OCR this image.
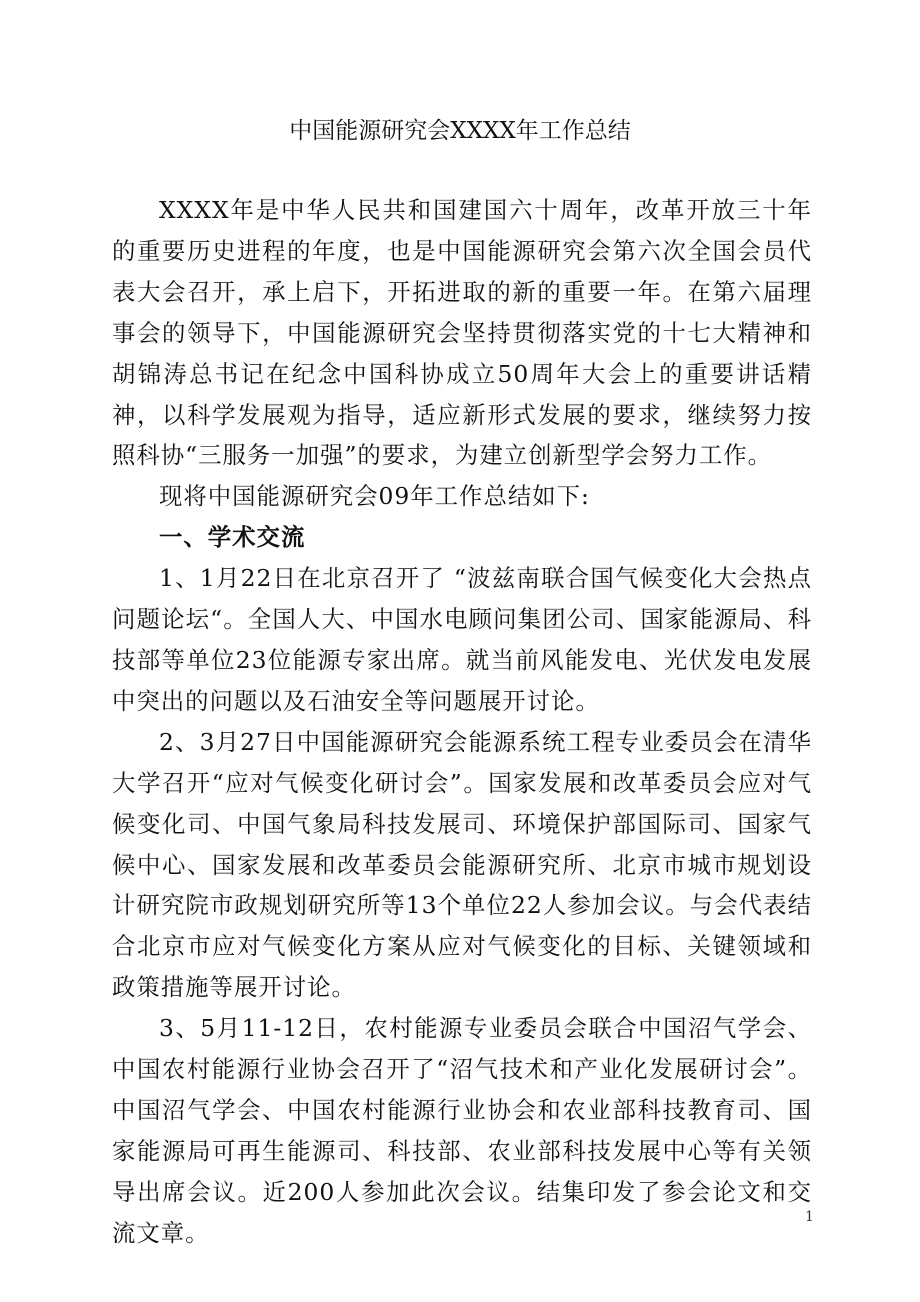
中国能源研究会XXXX年工作总结

XXXX年是中华人民共和国建国六十周年，改革开放三十年的重要历史进程的年度，也是中国能源研究会第六次全国会员代表大会召开，承上启下，开拓进取的新的重要一年。在第六届理事会的领导下，中国能源研究会坚持贯彻落实党的十七大精神和胡锦涛总书记在纪念中国科协成立50周年大会上的重要讲话精神，以科学发展观为指导，适应新形式发展的要求，继续努力按照科协“三服务一加强”的要求，为建立创新型学会努力工作。

现将中国能源研究会09年工作总结如下:

一、学术交流

1、1月22日在北京召开了 “波兹南联合国气候变化大会热点问题论坛“。全国人大、中国水电顾问集团公司、国家能源局、科技部等单位23位能源专家出席。就当前风能发电、光伏发电发展中突出的问题以及石油安全等问题展开讨论。

2、3月27日中国能源研究会能源系统工程专业委员会在清华大学召开“应对气候变化研讨会”。国家发展和改革委员会应对气候变化司、中国气象局科技发展司、环境保护部国际司、国家气候中心、国家发展和改革委员会能源研究所、北京市城市规划设计研究院市政规划研究所等13个单位22人参加会议。与会代表结合北京市应对气候变化方案从应对气候变化的目标、关键领域和政策措施等展开讨论。

3、5月11-12日，农村能源专业委员会联合中国沼气学会、中国农村能源行业协会召开了“沼气技术和产业化发展研讨会”。中国沼气学会、中国农村能源行业协会和农业部科技教育司、国家能源局可再生能源司、科技部、农业部科技发展中心等有关领导出席会议。近200人参加此次会议。结集印发了参会论文和交流文章。

1
